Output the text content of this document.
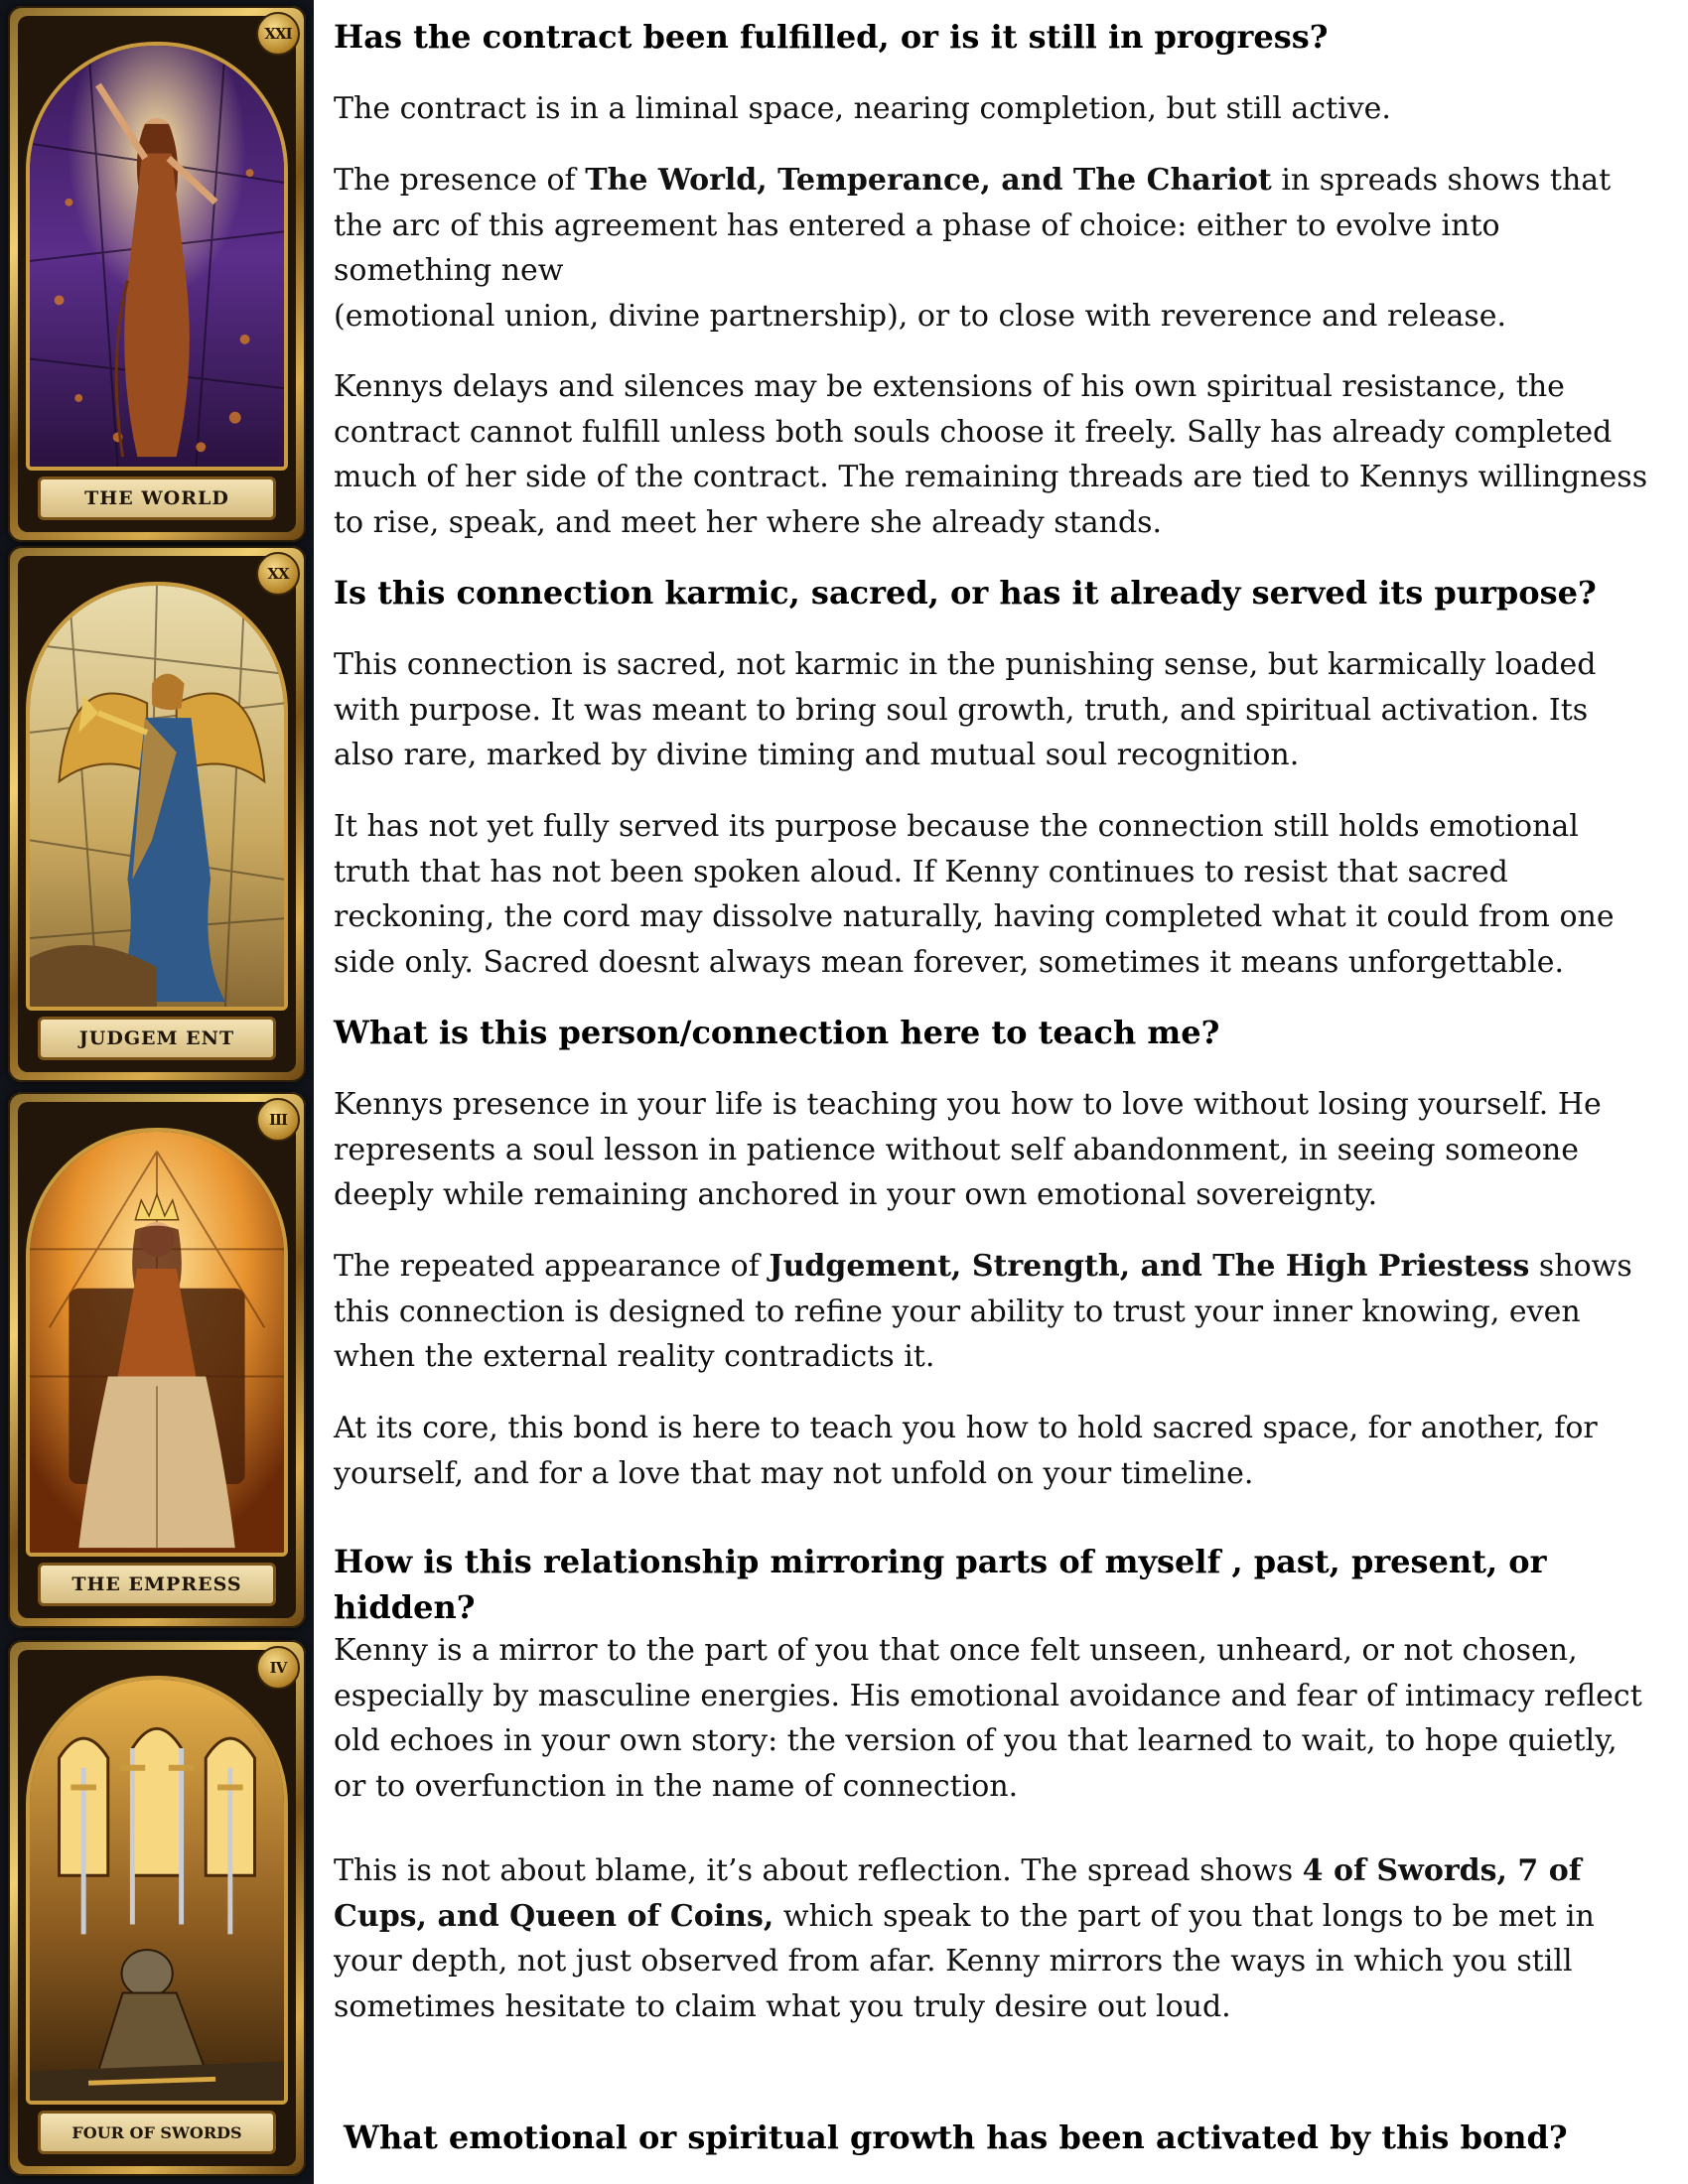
XXI
THE WORLD
XX
JUDGEM ENT
III
THE EMPRESS
IV
FOUR OF SWORDS
Has the contract been fulfilled, or is it still in progress?

The contract is in a liminal space, nearing completion, but still active.

The presence of The World, Temperance, and The Chariot in spreads shows that the arc of this agreement has entered a phase of choice: either to evolve into something new
(emotional union, divine partnership), or to close with reverence and release.

Kennys delays and silences may be extensions of his own spiritual resistance, the contract cannot fulfill unless both souls choose it freely. Sally has already completed much of her side of the contract. The remaining threads are tied to Kennys willingness to rise, speak, and meet her where she already stands.

Is this connection karmic, sacred, or has it already served its purpose?

This connection is sacred, not karmic in the punishing sense, but karmically loaded with purpose. It was meant to bring soul growth, truth, and spiritual activation. Its also rare, marked by divine timing and mutual soul recognition.

It has not yet fully served its purpose because the connection still holds emotional truth that has not been spoken aloud. If Kenny continues to resist that sacred reckoning, the cord may dissolve naturally, having completed what it could from one side only. Sacred doesnt always mean forever, sometimes it means unforgettable.

What is this person/connection here to teach me?

Kennys presence in your life is teaching you how to love without losing yourself. He represents a soul lesson in patience without self abandonment, in seeing someone deeply while remaining anchored in your own emotional sovereignty.

The repeated appearance of Judgement, Strength, and The High Priestess shows this connection is designed to refine your ability to trust your inner knowing, even when the external reality contradicts it.

At its core, this bond is here to teach you how to hold sacred space, for another, for yourself, and for a love that may not unfold on your timeline.

How is this relationship mirroring parts of myself , past, present, or hidden?

Kenny is a mirror to the part of you that once felt unseen, unheard, or not chosen, especially by masculine energies. His emotional avoidance and fear of intimacy reflect old echoes in your own story: the version of you that learned to wait, to hope quietly, or to overfunction in the name of connection.

This is not about blame, it’s about reflection. The spread shows 4 of Swords, 7 of Cups, and Queen of Coins, which speak to the part of you that longs to be met in your depth, not just observed from afar. Kenny mirrors the ways in which you still sometimes hesitate to claim what you truly desire out loud.

What emotional or spiritual growth has been activated by this bond?
